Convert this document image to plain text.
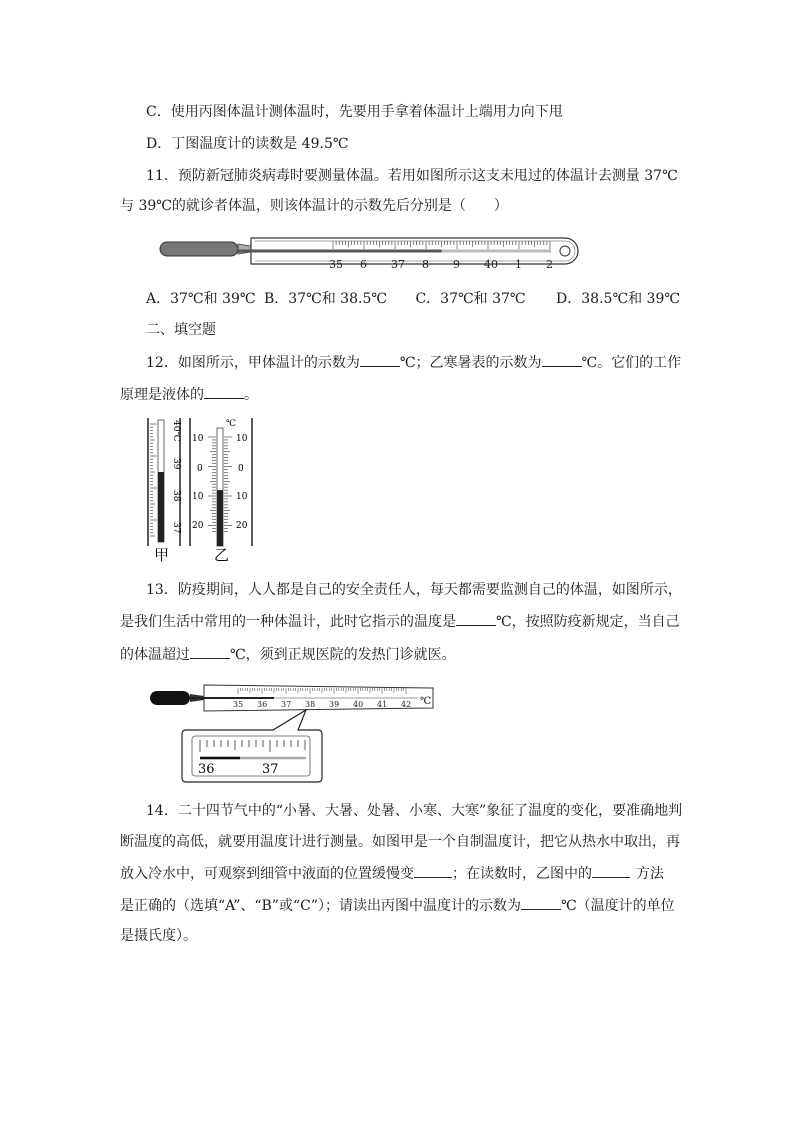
C．使用丙图体温计测体温时，先要用手拿着体温计上端用力向下甩
D．丁图温度计的读数是 49.5℃
11．预防新冠肺炎病毒时要测量体温。若用如图所示这支未甩过的体温计去测量 37℃
与 39℃的就诊者体温，则该体温计的示数先后分别是（　　）
35 6 37 8 9 40 1 2
A．37℃和 39℃ B．37℃和 38.5℃ C．37℃和 37℃ D．38.5℃和 39℃
二、填空题
12．如图所示，甲体温计的示数为	℃；乙寒暑表的示数为	℃。它们的工作
原理是液体的	。
40℃
39
38
37
甲
℃
10
0
10
20
10
0
10
20
乙
13．防疫期间，人人都是自己的安全责任人，每天都需要监测自己的体温，如图所示，
是我们生活中常用的一种体温计，此时它指示的温度是	℃，按照防疫新规定，当自己
的体温超过	℃，须到正规医院的发热门诊就医。
35 36 37 38 39 40 41 42 ℃
36	37
14．二十四节气中的“小暑、大暑、处暑、小寒、大寒”象征了温度的变化，要准确地判
断温度的高低，就要用温度计进行测量。如图甲是一个自制温度计，把它从热水中取出，再
放入冷水中，可观察到细管中液面的位置缓慢变	；在读数时，乙图中的	方法
是正确的（选填“A”、“B”或“C”）；请读出丙图中温度计的示数为	℃（温度计的单位
是摄氏度）。
